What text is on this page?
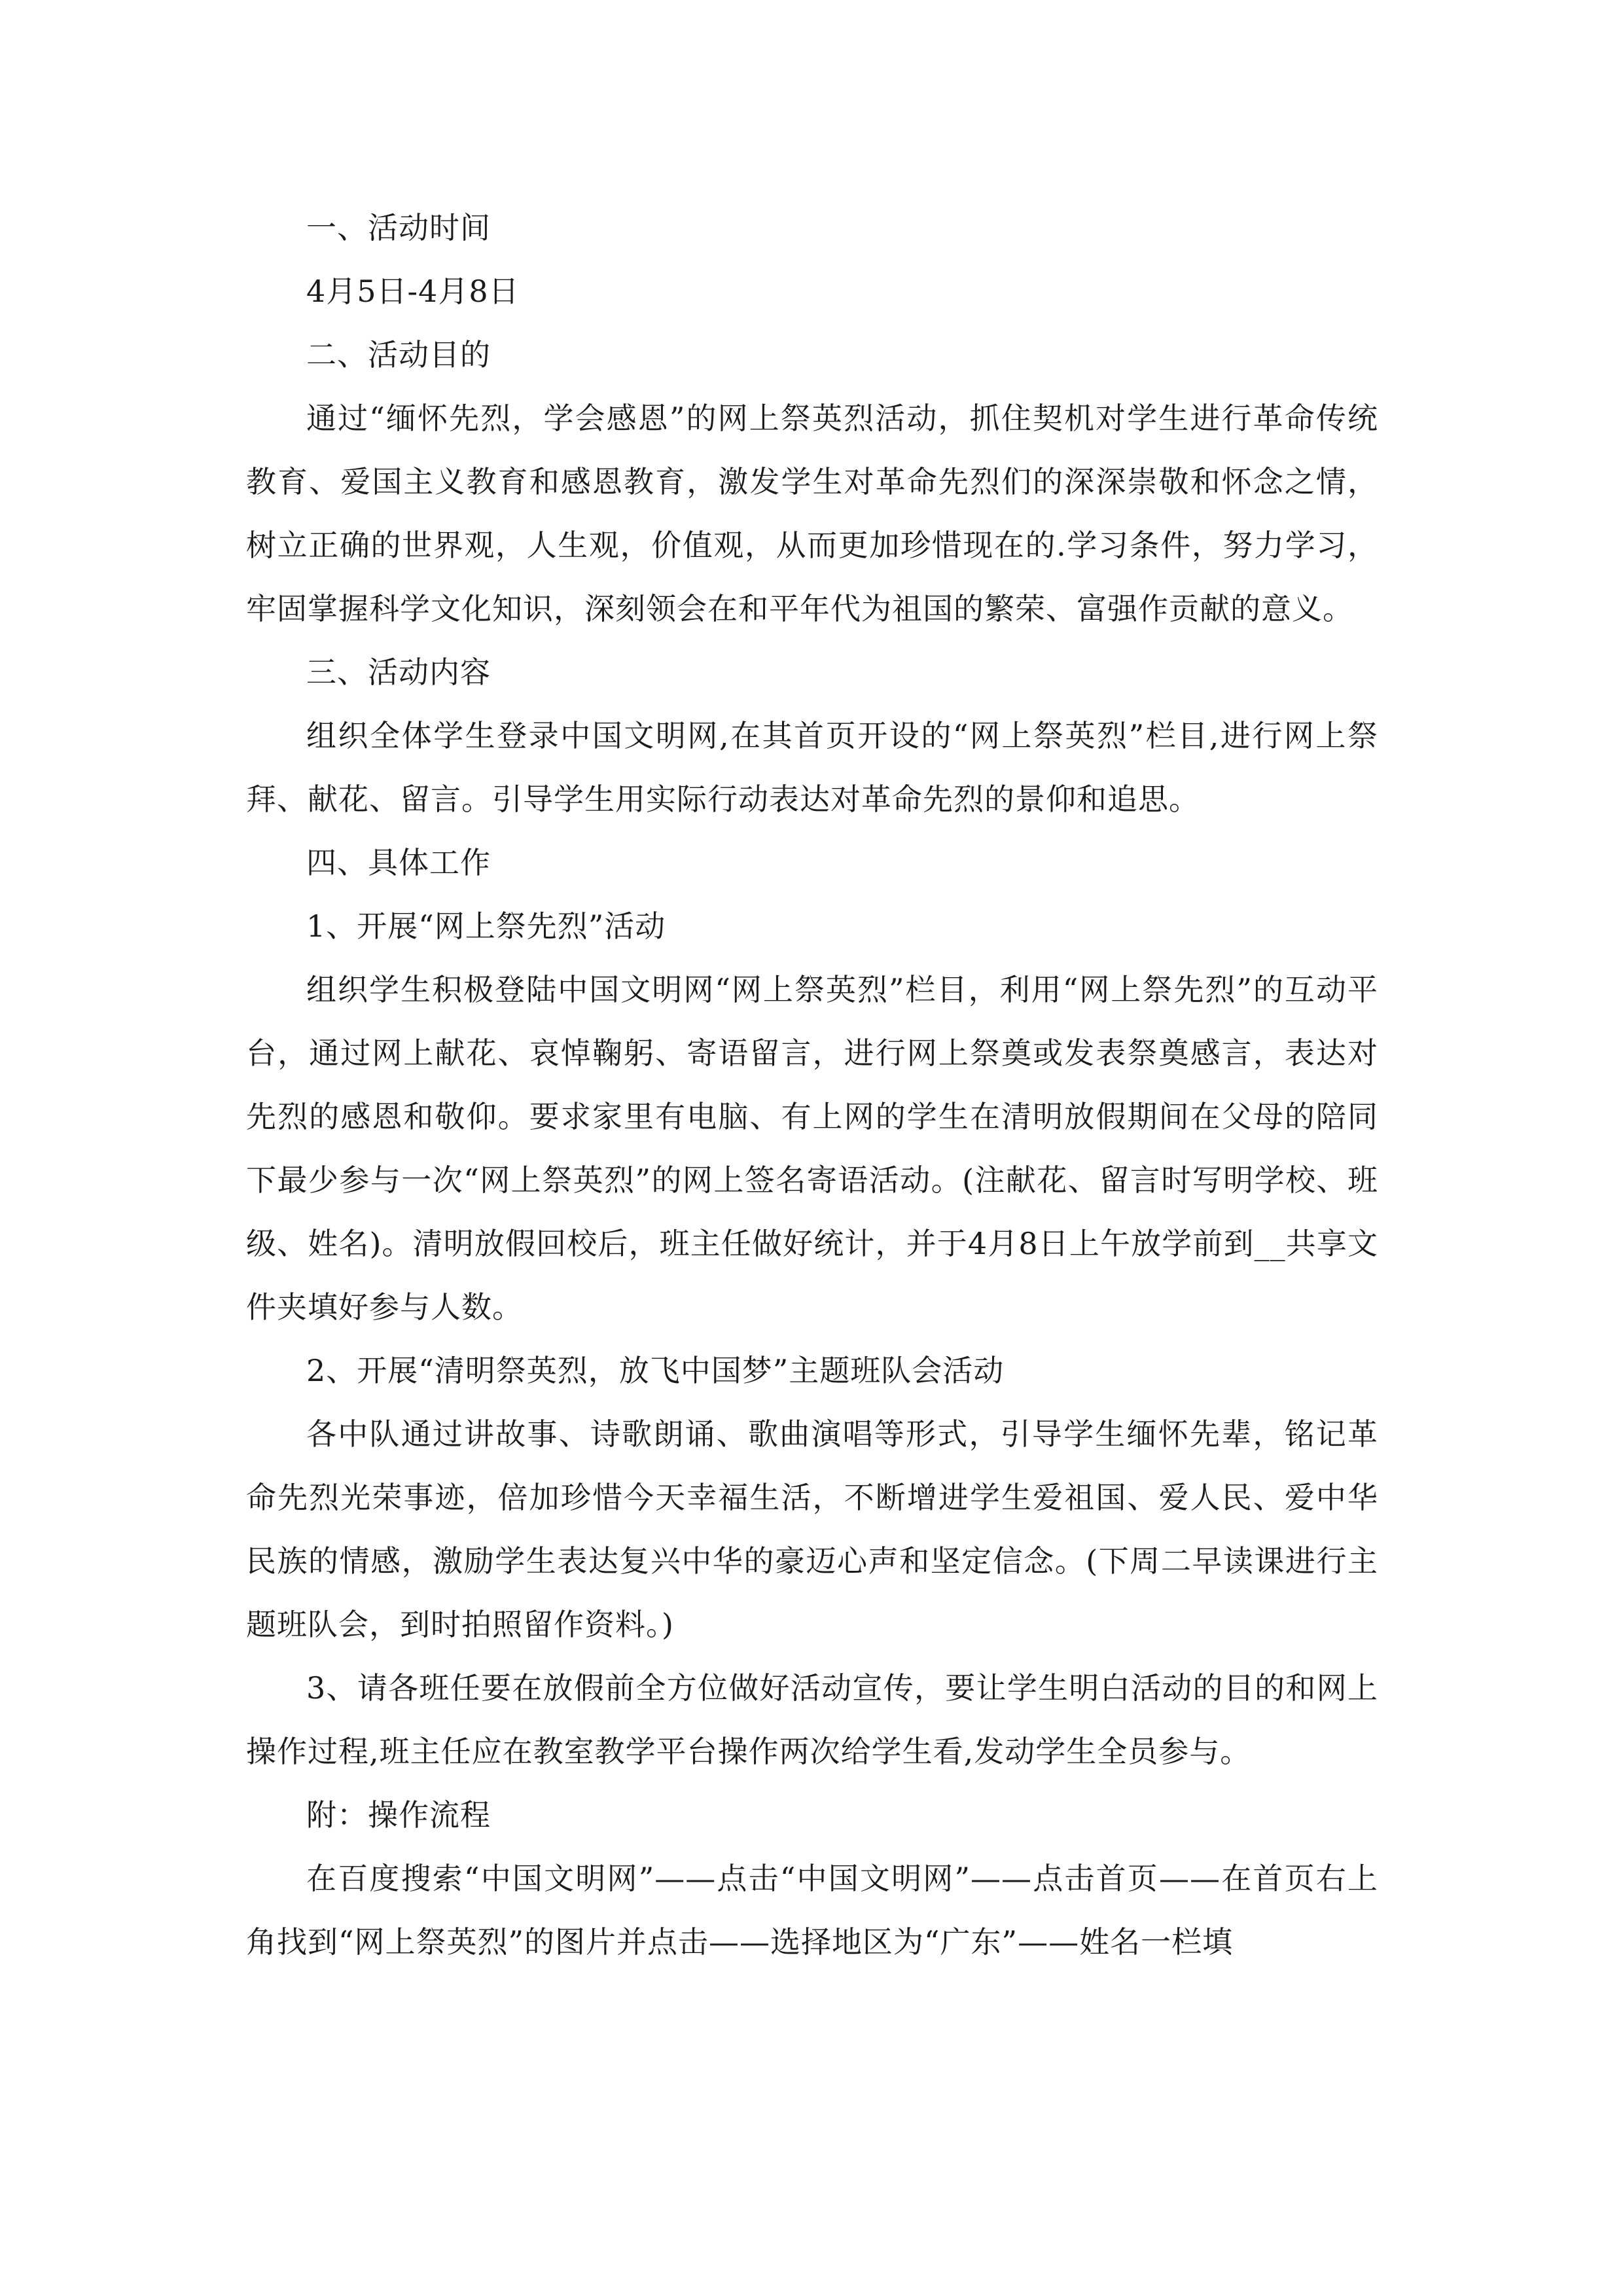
一、活动时间

4月5日-4月8日

二、活动目的

通过“缅怀先烈，学会感恩”的网上祭英烈活动，抓住契机对学生进行革命传统教育、爱国主义教育和感恩教育，激发学生对革命先烈们的深深崇敬和怀念之情，树立正确的世界观，人生观，价值观，从而更加珍惜现在的.学习条件，努力学习，牢固掌握科学文化知识，深刻领会在和平年代为祖国的繁荣、富强作贡献的意义。

三、活动内容

组织全体学生登录中国文明网,在其首页开设的“网上祭英烈”栏目,进行网上祭拜、献花、留言。引导学生用实际行动表达对革命先烈的景仰和追思。

四、具体工作

1、开展“网上祭先烈”活动

组织学生积极登陆中国文明网“网上祭英烈”栏目，利用“网上祭先烈”的互动平台，通过网上献花、哀悼鞠躬、寄语留言，进行网上祭奠或发表祭奠感言，表达对先烈的感恩和敬仰。要求家里有电脑、有上网的学生在清明放假期间在父母的陪同下最少参与一次“网上祭英烈”的网上签名寄语活动。(注献花、留言时写明学校、班级、姓名)。清明放假回校后，班主任做好统计，并于4月8日上午放学前到__共享文件夹填好参与人数。

2、开展“清明祭英烈，放飞中国梦”主题班队会活动

各中队通过讲故事、诗歌朗诵、歌曲演唱等形式，引导学生缅怀先辈，铭记革命先烈光荣事迹，倍加珍惜今天幸福生活，不断增进学生爱祖国、爱人民、爱中华民族的情感，激励学生表达复兴中华的豪迈心声和坚定信念。(下周二早读课进行主题班队会，到时拍照留作资料。)

3、请各班任要在放假前全方位做好活动宣传，要让学生明白活动的目的和网上操作过程,班主任应在教室教学平台操作两次给学生看,发动学生全员参与。

附：操作流程

在百度搜索“中国文明网”——点击“中国文明网”——点击首页——在首页右上角找到“网上祭英烈”的图片并点击——选择地区为“广东”——姓名一栏填
